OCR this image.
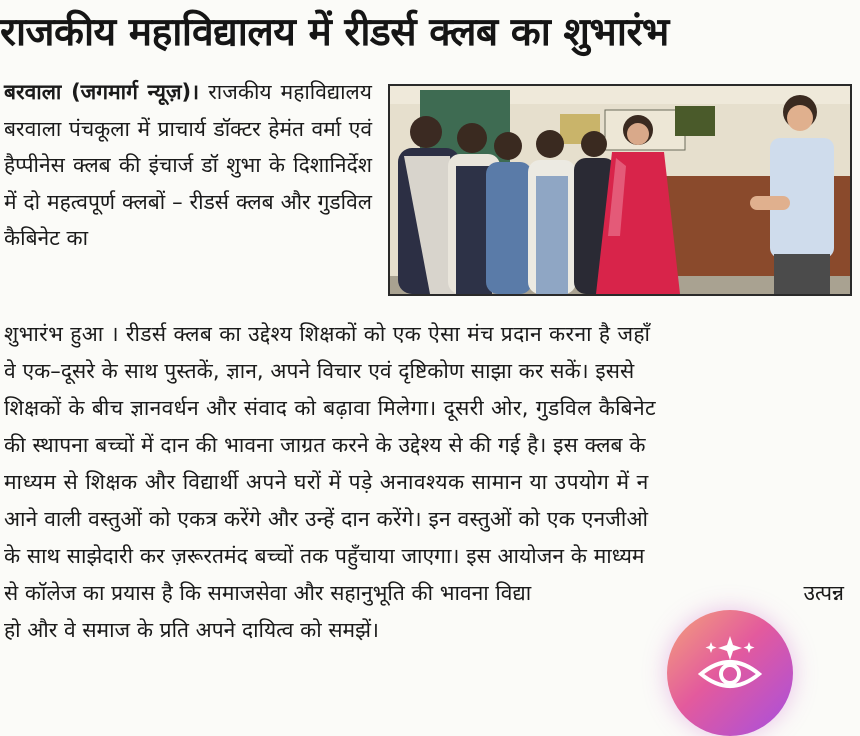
राजकीय महाविद्यालय में रीडर्स क्लब का शुभारंभ
बरवाला (जगमार्ग न्यूज़)। राजकीय महाविद्यालय बरवाला पंचकूला में प्राचार्य डॉक्टर हेमंत वर्मा एवं हैप्पीनेस क्लब की इंचार्ज डॉ शुभा के दिशानिर्देश में दो महत्वपूर्ण क्लबों – रीडर्स क्लब और गुडविल कैबिनेट का
शुभारंभ हुआ । रीडर्स क्लब का उद्देश्य शिक्षकों को एक ऐसा मंच प्रदान करना है जहाँ
वे एक–दूसरे के साथ पुस्तकें, ज्ञान, अपने विचार एवं दृष्टिकोण साझा कर सकें। इससे
शिक्षकों के बीच ज्ञानवर्धन और संवाद को बढ़ावा मिलेगा। दूसरी ओर, गुडविल कैबिनेट
की स्थापना बच्चों में दान की भावना जाग्रत करने के उद्देश्य से की गई है। इस क्लब के
माध्यम से शिक्षक और विद्यार्थी अपने घरों में पड़े अनावश्यक सामान या उपयोग में न
आने वाली वस्तुओं को एकत्र करेंगे और उन्हें दान करेंगे। इन वस्तुओं को एक एनजीओ
के साथ साझेदारी कर ज़रूरतमंद बच्चों तक पहुँचाया जाएगा। इस आयोजन के माध्यम
से कॉलेज का प्रयास है कि समाजसेवा और सहानुभूति की भावना विद्या	उत्पन्न
हो और वे समाज के प्रति अपने दायित्व को समझें।
